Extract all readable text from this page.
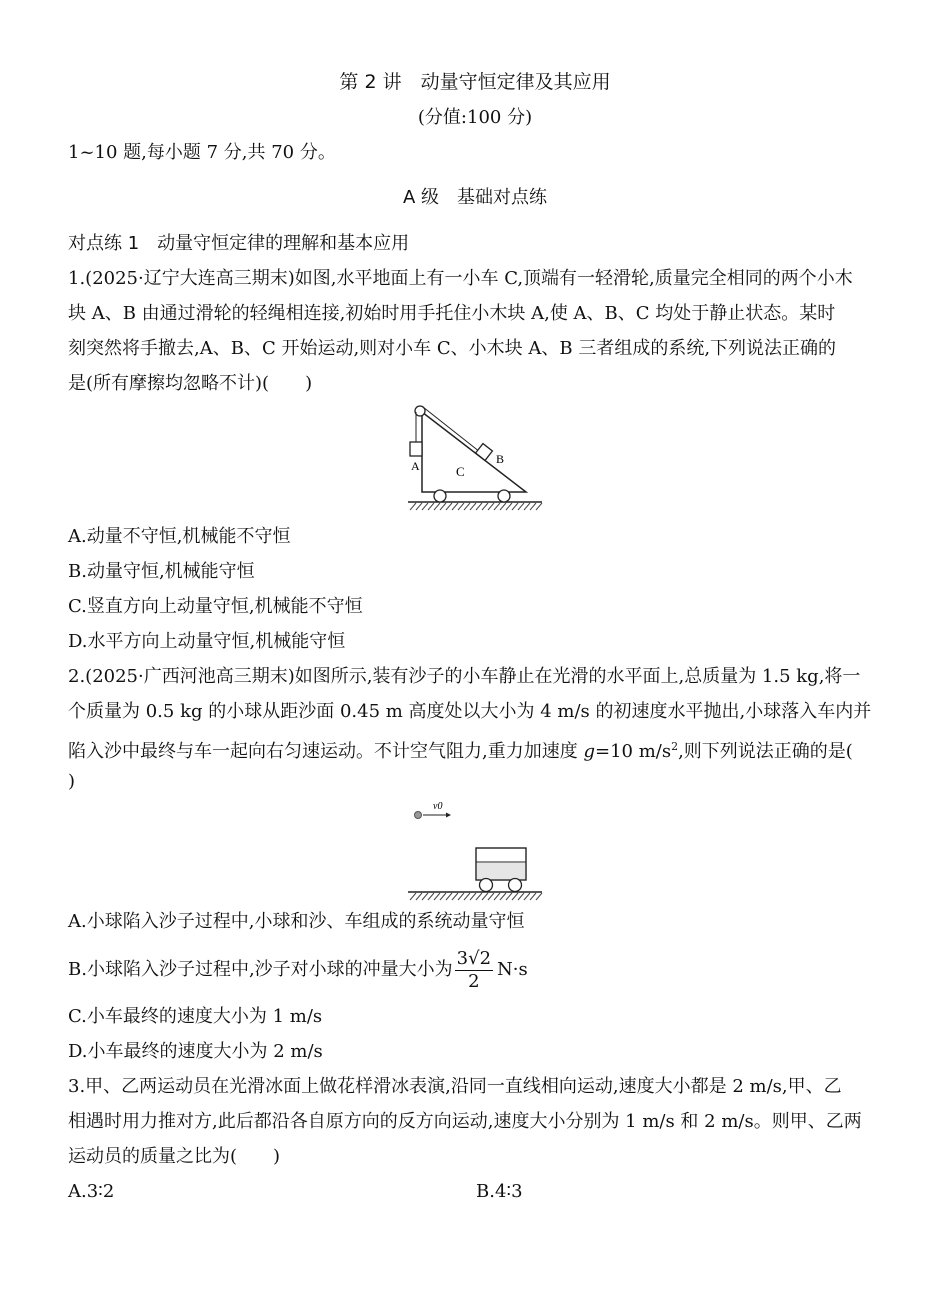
第 2 讲　动量守恒定律及其应用
(分值:100 分)
1~10 题,每小题 7 分,共 70 分。
A 级　基础对点练
对点练 1　动量守恒定律的理解和基本应用
1.(2025·辽宁大连高三期末)如图,水平地面上有一小车 C,顶端有一轻滑轮,质量完全相同的两个小木
块 A、B 由通过滑轮的轻绳相连接,初始时用手托住小木块 A,使 A、B、C 均处于静止状态。某时
刻突然将手撤去,A、B、C 开始运动,则对小车 C、小木块 A、B 三者组成的系统,下列说法正确的
是(所有摩擦均忽略不计)(　　)
A	B
C
A.动量不守恒,机械能不守恒
B.动量守恒,机械能守恒
C.竖直方向上动量守恒,机械能不守恒
D.水平方向上动量守恒,机械能守恒
2.(2025·广西河池高三期末)如图所示,装有沙子的小车静止在光滑的水平面上,总质量为 1.5 kg,将一
个质量为 0.5 kg 的小球从距沙面 0.45 m 高度处以大小为 4 m/s 的初速度水平抛出,小球落入车内并
陷入沙中最终与车一起向右匀速运动。不计空气阻力,重力加速度 g=10 $m/s^2$,则下列说法正确的是(
)
v0
A.小球陷入沙子过程中,小球和沙、车组成的系统动量守恒
B.小球陷入沙子过程中,沙子对小球的冲量大小为 $\frac{3√2}{2} N\cdot s$
C.小车最终的速度大小为 1 m/s
D.小车最终的速度大小为 2 m/s
3.甲、乙两运动员在光滑冰面上做花样滑冰表演,沿同一直线相向运动,速度大小都是 2 m/s,甲、乙
相遇时用力推对方,此后都沿各自原方向的反方向运动,速度大小分别为 1 m/s 和 2 m/s。则甲、乙两
运动员的质量之比为(　　)
A.3∶2	B.4∶3
